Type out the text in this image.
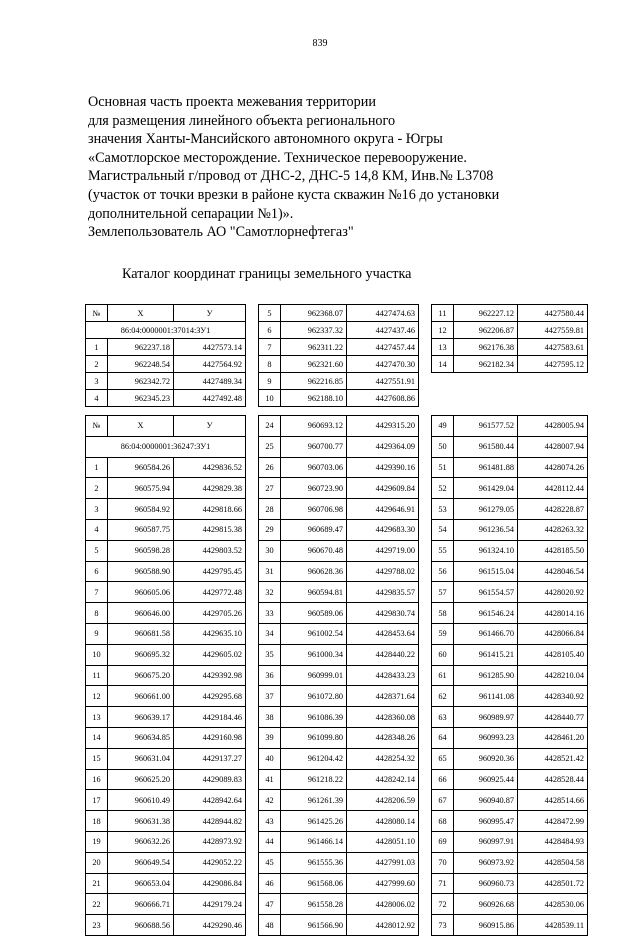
839
Основная часть проекта межевания территории
для размещения линейного объекта регионального
значения Ханты-Мансийского автономного округа - Югры
«Самотлорское месторождение. Техническое перевооружение.
Магистральный г/провод от ДНС-2, ДНС-5 14,8 КМ, Инв.№ L3708
(участок от точки врезки в районе куста скважин №16 до установки
дополнительной сепарации №1)».
Землепользователь АО "Самотлорнефтегаз"
Каталог координат границы земельного участка
№	Х	У
86:04:0000001:37014:ЗУ1		
1	962237.18	4427573.14
2	962248.54	4427564.92
3	962342.72	4427489.34
4	962345.23	4427492.48
5	962368.07	4427474.63
6	962337.32	4427437.46
7	962311.22	4427457.44
8	962321.60	4427470.30
9	962216.85	4427551.91
10	962188.10	4427608.86
11	962227.12	4427580.44
12	962206.87	4427559.81
13	962176.38	4427583.61
14	962182.34	4427595.12
№	Х	У
86:04:0000001:36247:ЗУ1		
1	960584.26	4429836.52
2	960575.94	4429829.38
3	960584.92	4429818.66
4	960587.75	4429815.38
5	960598.28	4429803.52
6	960588.90	4429795.45
7	960605.06	4429772.48
8	960646.00	4429705.26
9	960681.58	4429635.10
10	960695.32	4429605.02
11	960675.20	4429392.98
12	960661.00	4429295.68
13	960639.17	4429184.46
14	960634.85	4429160.98
15	960631.04	4429137.27
16	960625.20	4429089.83
17	960610.49	4428942.64
18	960631.38	4428944.82
19	960632.26	4428973.92
20	960649.54	4429052.22
21	960653.04	4429086.84
22	960666.71	4429179.24
23	960688.56	4429290.46
24	960693.12	4429315.20
25	960700.77	4429364.09
26	960703.06	4429390.16
27	960723.90	4429609.84
28	960706.98	4429646.91
29	960689.47	4429683.30
30	960670.48	4429719.00
31	960628.36	4429788.02
32	960594.81	4429835.57
33	960589.06	4429830.74
34	961002.54	4428453.64
35	961000.34	4428440.22
36	960999.01	4428433.23
37	961072.80	4428371.64
38	961086.39	4428360.08
39	961099.80	4428348.26
40	961204.42	4428254.32
41	961218.22	4428242.14
42	961261.39	4428206.59
43	961425.26	4428080.14
44	961466.14	4428051.10
45	961555.36	4427991.03
46	961568.06	4427999.60
47	961558.28	4428006.02
48	961566.90	4428012.92
49	961577.52	4428005.94
50	961580.44	4428007.94
51	961481.88	4428074.26
52	961429.04	4428112.44
53	961279.05	4428228.87
54	961236.54	4428263.32
55	961324.10	4428185.50
56	961515.04	4428046.54
57	961554.57	4428020.92
58	961546.24	4428014.16
59	961466.70	4428066.84
60	961415.21	4428105.40
61	961285.90	4428210.04
62	961141.08	4428340.92
63	960989.97	4428440.77
64	960993.23	4428461.20
65	960920.36	4428521.42
66	960925.44	4428528.44
67	960940.87	4428514.66
68	960995.47	4428472.99
69	960997.91	4428484.93
70	960973.92	4428504.58
71	960960.73	4428501.72
72	960926.68	4428530.06
73	960915.86	4428539.11
